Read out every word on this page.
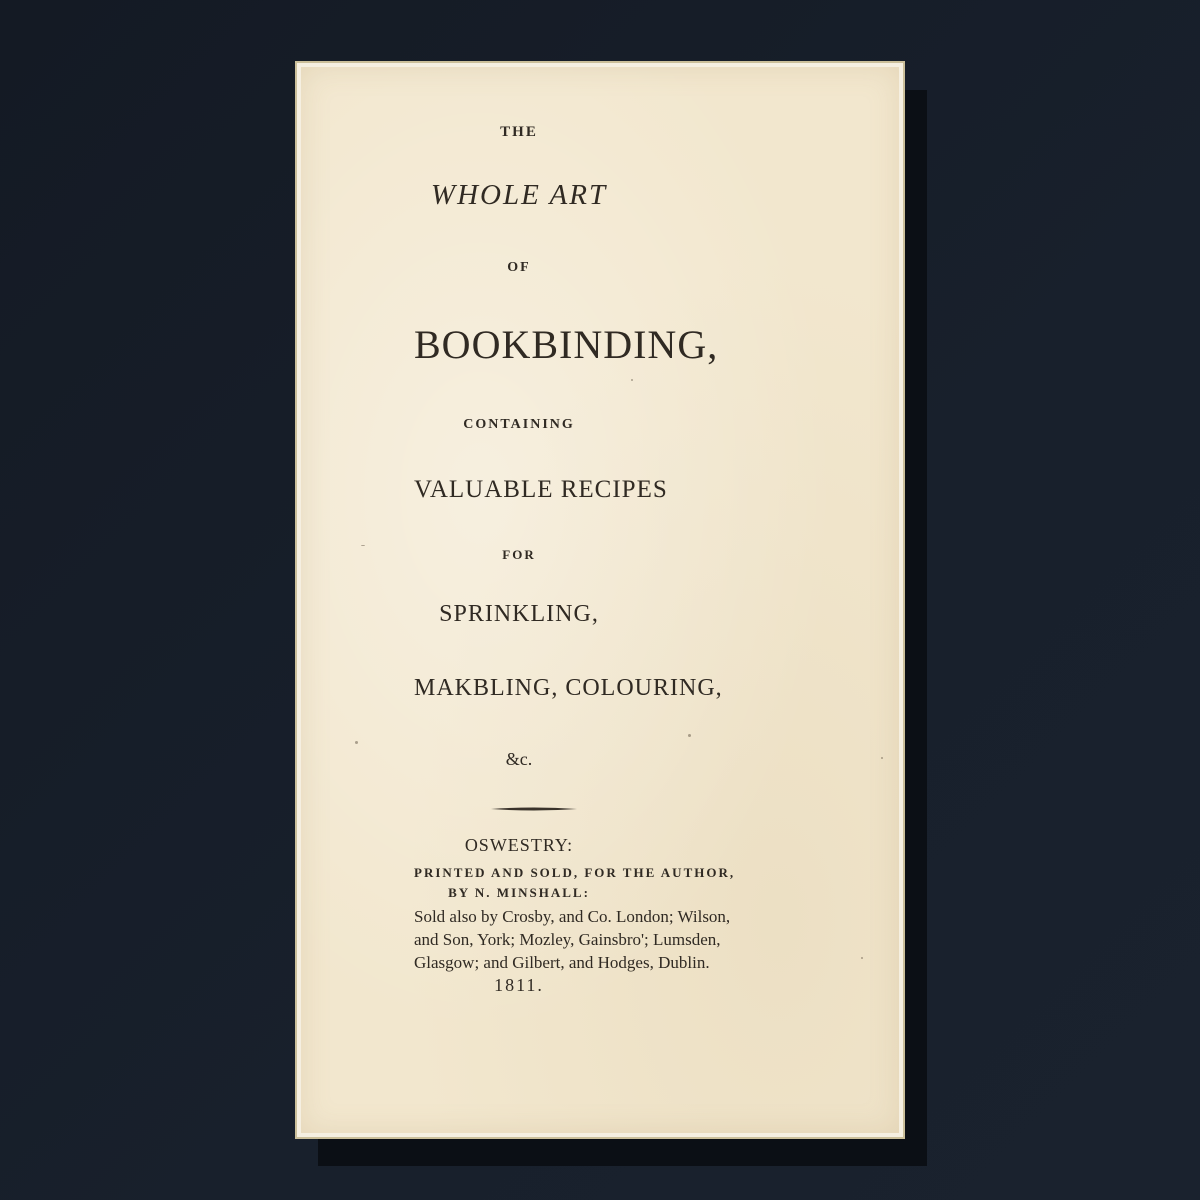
THE
WHOLE ART
OF
BOOKBINDING,
CONTAINING
VALUABLE RECIPES
FOR
SPRINKLING,
MAKBLING, COLOURING,
&c.
OSWESTRY:
PRINTED AND SOLD, FOR THE AUTHOR,
BY N. MINSHALL:
Sold also by Crosby, and Co. London; Wilson,
and Son, York; Mozley, Gainsbro'; Lumsden,
Glasgow; and Gilbert, and Hodges, Dublin.
1811.
